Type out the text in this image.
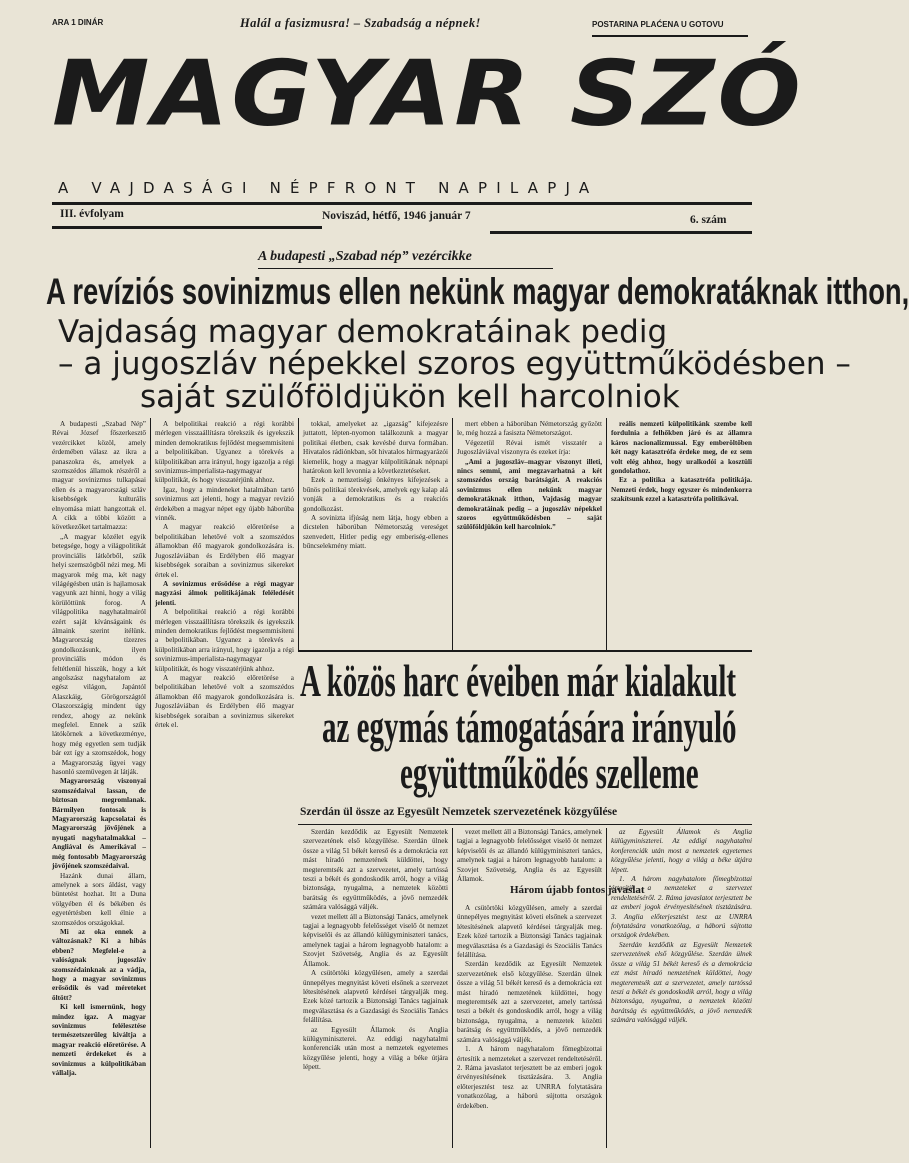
ARA 1 DINÁR	Halál a fasizmusra! – Szabadság a népnek!	POSTARINA PLAĆENA U GOTOVU
MAGYAR SZÓ
A VAJDASÁGI NÉPFRONT NAPILAPJA
III. évfolyam	Noviszád, hétfő, 1946 január 7	6. szám
A budapesti „Szabad nép” vezércikke
A revíziós sovinizmus ellen nekünk magyar demokratáknak itthon,
Vajdaság magyar demokratáinak pedig
– a jugoszláv népekkel szoros együttműködésben –
saját szülőföldjükön kell harcolniok

A budapesti „Szabad Nép” Révai József főszerkesztő vezércikket közöl, amely érdemében válasz az ikra a panaszokra és, amelyek a szomszédos államok részéről a magyar sovinizmus tulkapásai ellen és a magyarországi szláv kisebbségek kulturális elnyomása miatt hangzottak el. A cikk a többi között a következőket tartalmazza:

„A magyar közélet egyik betegsége, hogy a világpolitikát provinciális látkörből, szűk helyi szemszögből nézi meg. Mi magyarok még ma, két nagy világégésben után is hajlamosak vagyunk azt hinni, hogy a világ körülöttünk forog. A világpolitika nagyhatalmairól ezért saját kívánságaink és álmaink szerint ítélünk. Magyarország tízezres gondolkozásunk, ilyen provinciális módon és feltétlenül hisszük, hogy a két angolszász nagyhatalom az egész világon, Japántól Alaszkáig, Görögországtól Olaszországig mindent úgy rendez, ahogy az nekünk megfelel. Ennek a szűk látókörnek a következménye, hogy még egyetlen sem tudják bár ezt így a szomszédok, hogy a Magyarország ügyei vagy hasonló szemüvegen át látják.

Magyarország viszonyai szomszédaival lassan, de biztosan megromlanak. Bármilyen fontosak is Magyarország kapcsolatai és Magyarország jövőjének a nyugati nagyhatalmakkal – Angliával és Amerikával – még fontosabb Magyarország jövőjének szomszédaival.

Hazánk dunai állam, amelynek a sors áldást, vagy büntetést hozhat. Itt a Duna völgyében él és békében és egyetértésben kell élnie a szomszédos országokkal.

Mi az oka ennek a változásnak? Ki a hibás ebben? Megfelel-e a valóságnak jugoszláv szomszédainknak az a vádja, hogy a magyar sovinizmus erősödik és vad méreteket öltött?

Ki kell ismernünk, hogy mindez igaz. A magyar sovinizmus felélesztése természetszerűleg kiváltja a magyar reakció előretörése. A nemzeti érdekeket és a sovinizmus a külpolitikában vállalja.

A belpolitikai reakció a régi korábbi mérlegen visszaállításra törekszik és igyekszik minden demokratikus fejlődést megsemmisíteni a belpolitikában. Ugyanez a törekvés a külpolitikában arra irányul, hogy igazolja a régi sovinizmus-imperialista-nagymagyar külpolitikát, és hogy visszatérjünk ahhoz.

Igaz, hogy a mindeneket hatalmában tartó sovinizmus azt jelenti, hogy a magyar revízió érdekében a magyar népet egy újabb háborúba vinnék.

A magyar reakció előretörése a belpolitikában lehetővé volt a szomszédos államokban élő magyarok gondolkozására is. Jugoszláviában és Erdélyben élő magyar kisebbségek soraiban a sovinizmus sikereket értek el.

A sovinizmus erősödése a régi magyar nagyzási álmok politikájának feléledését jelenti.

A belpolitikai reakció a régi korábbi mérlegen visszaállításra törekszik és igyekszik minden demokratikus fejlődést megsemmisíteni a belpolitikában. Ugyanez a törekvés a külpolitikában arra irányul, hogy igazolja a régi sovinizmus-imperialista-nagymagyar külpolitikát, és hogy visszatérjünk ahhoz.

A magyar reakció előretörése a belpolitikában lehetővé volt a szomszédos államokban élő magyarok gondolkozására is. Jugoszláviában és Erdélyben élő magyar kisebbségek soraiban a sovinizmus sikereket értek el.

tokkal, amelyeket az „igazság” kifejezésre juttatott, lépten-nyomon találkozunk a magyar politikai életben, csak kevésbé durva formában. Hivatalos rádiónkban, sőt hivatalos hírmagyarázói kiemelik, hogy a magyar külpolitikának népnapi határokon kell levonnia a következtetéseket.

Ezek a nemzetiségi önkényes kifejezések a bűnös politikai törekvések, amelyek egy kalap alá vonják a demokratikus és a reakciós gondolkozást.

A sovinizta ifjúság nem látja, hogy ebben a dicstelen háborúban Németország vereséget szenvedett, Hitler pedig egy emberiség-ellenes bűncselekmény miatt.

mert ebben a háborúban Németország győzött le, még hozzá a fasiszta Németországot.

Végezetül Révai ismét visszatér a Jugoszláviával viszonyra és ezeket írja:

„Ami a jugoszláv–magyar viszonyt illeti, nincs semmi, ami megzavarhatná a két szomszédos ország barátságát. A reakciós sovinizmus ellen nekünk magyar demokratáknak itthon, Vajdaság magyar demokratáinak pedig – a jugoszláv népekkel szoros együttműködésben – saját szülőföldjükön kell harcolniok.”

reális nemzeti külpolitikánk szembe kell fordulnia a felhőkben járó és az államra káros nacionalizmussal. Egy emberöltőben két nagy katasztrófa érdeke meg, de ez sem volt elég ahhoz, hogy uralkodói a kosztüli gondolathoz.

Ez a politika a katasztrófa politikája. Nemzeti érdek, hogy egyszer és mindenkorra szakítsunk ezzel a katasztrófa politikával.

A közös harc éveiben már kialakult
az egymás támogatására irányuló
együttműködés szelleme
Szerdán ül össze az Egyesült Nemzetek szervezetének közgyűlése

Szerdán kezdődik az Egyesült Nemzetek szervezetének első közgyűlése. Szerdán ülnek össze a világ 51 békét kereső és a demokrácia ezt mást híradó nemzetének küldöttei, hogy megteremtsék azt a szervezetet, amely tartóssá teszi a békét és gondoskodik arról, hogy a világ biztonsága, nyugalma, a nemzetek közötti barátság és együttműködés, a jövő nemzedék számára valósággá váljék.

vezet mellett áll a Biztonsági Tanács, amelynek tagjai a legnagyobb felelősséget viselő öt nemzet képviselői és az állandó külügyminiszteri tanács, amelynek tagjai a három legnagyobb hatalom: a Szovjet Szövetség, Anglia és az Egyesült Államok.

A csütörtöki közgyűlésen, amely a szerdai ünnepélyes megnyitást követi elsőnek a szervezet létesítésének alapvető kérdései tárgyalják meg. Ezek közé tartozik a Biztonsági Tanács tagjainak megválasztása és a Gazdasági és Szociális Tanács felállítása.

az Egyesült Államok és Anglia külügyminiszterei. Az eddigi nagyhatalmi konferenciák után most a nemzetek egyetemes közgyűlése jelenti, hogy a világ a béke útjára lépett.

vezet mellett áll a Biztonsági Tanács, amelynek tagjai a legnagyobb felelősséget viselő öt nemzet képviselői és az állandó külügyminiszteri tanács, amelynek tagjai a három legnagyobb hatalom: a Szovjet Szövetség, Anglia és az Egyesült Államok.

Három újabb fontos javaslat

A csütörtöki közgyűlésen, amely a szerdai ünnepélyes megnyitást követi elsőnek a szervezet létesítésének alapvető kérdései tárgyalják meg. Ezek közé tartozik a Biztonsági Tanács tagjainak megválasztása és a Gazdasági és Szociális Tanács felállítása.

Szerdán kezdődik az Egyesült Nemzetek szervezetének első közgyűlése. Szerdán ülnek össze a világ 51 békét kereső és a demokrácia ezt mást híradó nemzetének küldöttei, hogy megteremtsék azt a szervezetet, amely tartóssá teszi a békét és gondoskodik arról, hogy a világ biztonsága, nyugalma, a nemzetek közötti barátság és együttműködés, a jövő nemzedék számára valósággá váljék.

1. A három nagyhatalom főmegbízottai értesítik a nemzeteket a szervezet rendeltetéséről. 2. Ráma javaslatot terjesztett be az emberi jogok érvényesítésének tisztázására. 3. Anglia előterjesztést tesz az UNRRA folytatására vonatkozólag, a háború sújtotta országok érdekében.

az Egyesült Államok és Anglia külügyminiszterei. Az eddigi nagyhatalmi konferenciák után most a nemzetek egyetemes közgyűlése jelenti, hogy a világ a béke útjára lépett.

1. A három nagyhatalom főmegbízottai értesítik a nemzeteket a szervezet rendeltetéséről. 2. Ráma javaslatot terjesztett be az emberi jogok érvényesítésének tisztázására. 3. Anglia előterjesztést tesz az UNRRA folytatására vonatkozólag, a háború sújtotta országok érdekében.

Szerdán kezdődik az Egyesült Nemzetek szervezetének első közgyűlése. Szerdán ülnek össze a világ 51 békét kereső és a demokrácia ezt mást híradó nemzetének küldöttei, hogy megteremtsék azt a szervezetet, amely tartóssá teszi a békét és gondoskodik arról, hogy a világ biztonsága, nyugalma, a nemzetek közötti barátság és együttműködés, a jövő nemzedék számára valósággá váljék.
